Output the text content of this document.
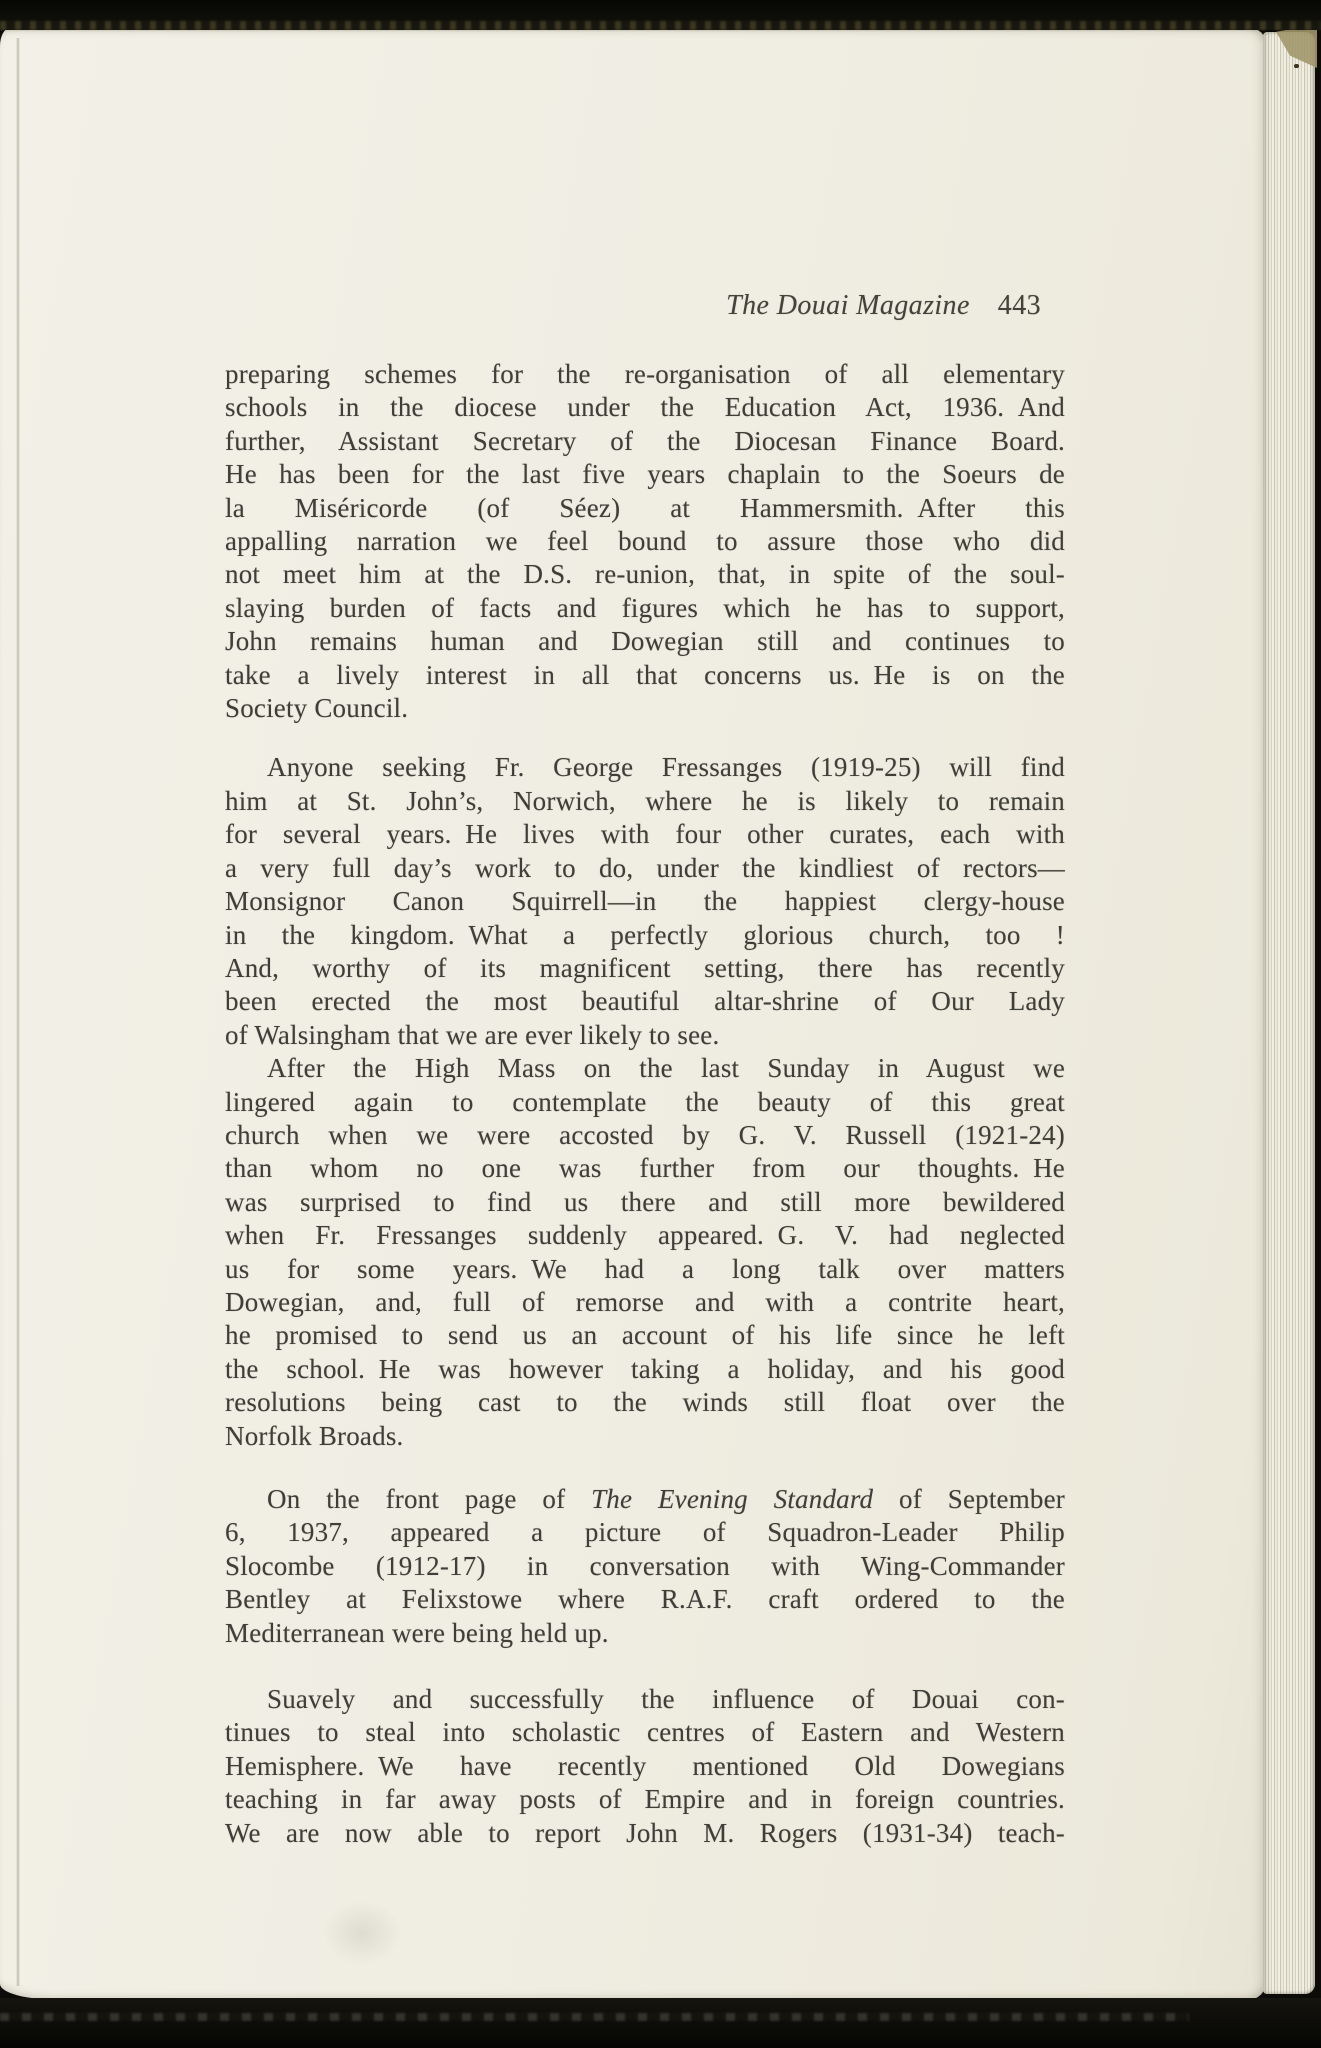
The Douai Magazine 443
preparing schemes for the re-organisation of all elementary
schools in the diocese under the Education Act, 1936. And
further, Assistant Secretary of the Diocesan Finance Board.
He has been for the last five years chaplain to the Soeurs de
la Miséricorde (of Séez) at Hammersmith. After this
appalling narration we feel bound to assure those who did
not meet him at the D.S. re-union, that, in spite of the soul-
slaying burden of facts and figures which he has to support,
John remains human and Dowegian still and continues to
take a lively interest in all that concerns us. He is on the
Society Council.
Anyone seeking Fr. George Fressanges (1919-25) will find
him at St. John’s, Norwich, where he is likely to remain
for several years. He lives with four other curates, each with
a very full day’s work to do, under the kindliest of rectors—
Monsignor Canon Squirrell—in the happiest clergy-house
in the kingdom. What a perfectly glorious church, too !
And, worthy of its magnificent setting, there has recently
been erected the most beautiful altar-shrine of Our Lady
of Walsingham that we are ever likely to see.
After the High Mass on the last Sunday in August we
lingered again to contemplate the beauty of this great
church when we were accosted by G. V. Russell (1921-24)
than whom no one was further from our thoughts. He
was surprised to find us there and still more bewildered
when Fr. Fressanges suddenly appeared. G. V. had neglected
us for some years. We had a long talk over matters
Dowegian, and, full of remorse and with a contrite heart,
he promised to send us an account of his life since he left
the school. He was however taking a holiday, and his good
resolutions being cast to the winds still float over the
Norfolk Broads.
On the front page of The Evening Standard of September
6, 1937, appeared a picture of Squadron-Leader Philip
Slocombe (1912-17) in conversation with Wing-Commander
Bentley at Felixstowe where R.A.F. craft ordered to the
Mediterranean were being held up.
Suavely and successfully the influence of Douai con-
tinues to steal into scholastic centres of Eastern and Western
Hemisphere. We have recently mentioned Old Dowegians
teaching in far away posts of Empire and in foreign countries.
We are now able to report John M. Rogers (1931-34) teach-
